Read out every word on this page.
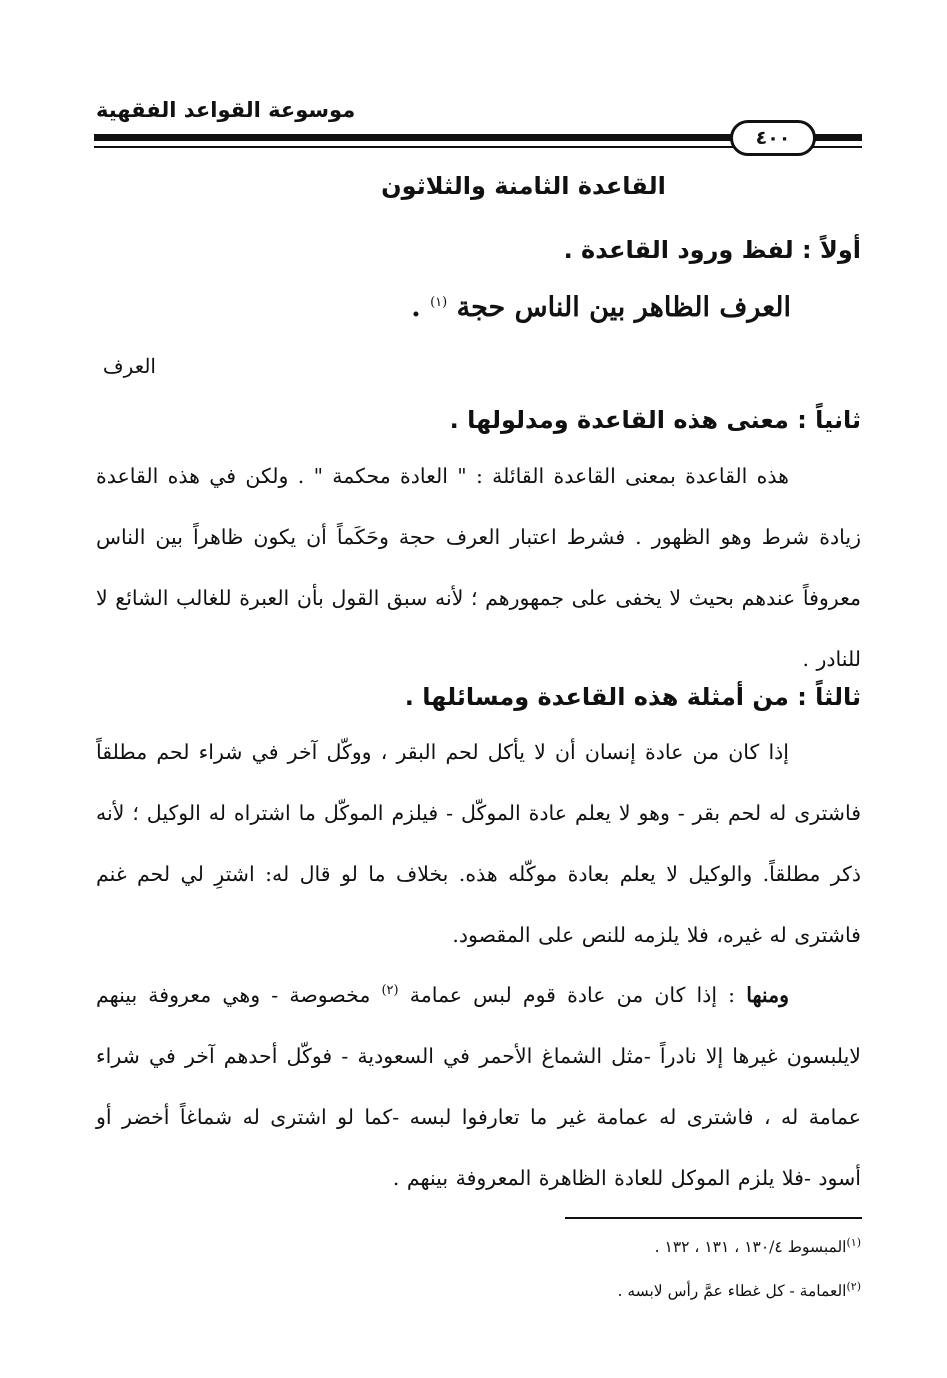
موسوعة القواعد الفقهية
٤٠٠
القاعدة الثامنة والثلاثون
أولاً : لفظ ورود القاعدة .
العرف الظاهر بين الناس حجة $^{(١)}$ .
العرف
ثانياً : معنى هذه القاعدة ومدلولها .

هذه القاعدة بمعنى القاعدة القائلة : " العادة محكمة " . ولكن في هذه القاعدة زيادة شرط وهو الظهور . فشرط اعتبار العرف حجة وحَكَماً أن يكون ظاهراً بين الناس معروفاً عندهم بحيث لا يخفى على جمهورهم ؛ لأنه سبق القول بأن العبرة للغالب الشائع لا للنادر .

ثالثاً : من أمثلة هذه القاعدة ومسائلها .

إذا كان من عادة إنسان أن لا يأكل لحم البقر ، ووكّل آخر في شراء لحم مطلقاً فاشترى له لحم بقر - وهو لا يعلم عادة الموكّل - فيلزم الموكّل ما اشتراه له الوكيل ؛ لأنه ذكر مطلقاً. والوكيل لا يعلم بعادة موكّله هذه. بخلاف ما لو قال له: اشترِ لي لحم غنم فاشترى له غيره، فلا يلزمه للنص على المقصود.

ومنها : إذا كان من عادة قوم لبس عمامة $^{(٢)}$ مخصوصة - وهي معروفة بينهم لايلبسون غيرها إلا نادراً -مثل الشماغ الأحمر في السعودية - فوكّل أحدهم آخر في شراء عمامة له ، فاشترى له عمامة غير ما تعارفوا لبسه -كما لو اشترى له شماغاً أخضر أو أسود -فلا يلزم الموكل للعادة الظاهرة المعروفة بينهم .

$^{(١)}$المبسوط ١٣٠/٤ ، ١٣١ ، ١٣٢ .
$^{(٢)}$العمامة - كل غطاء عمَّ رأس لابسه .
